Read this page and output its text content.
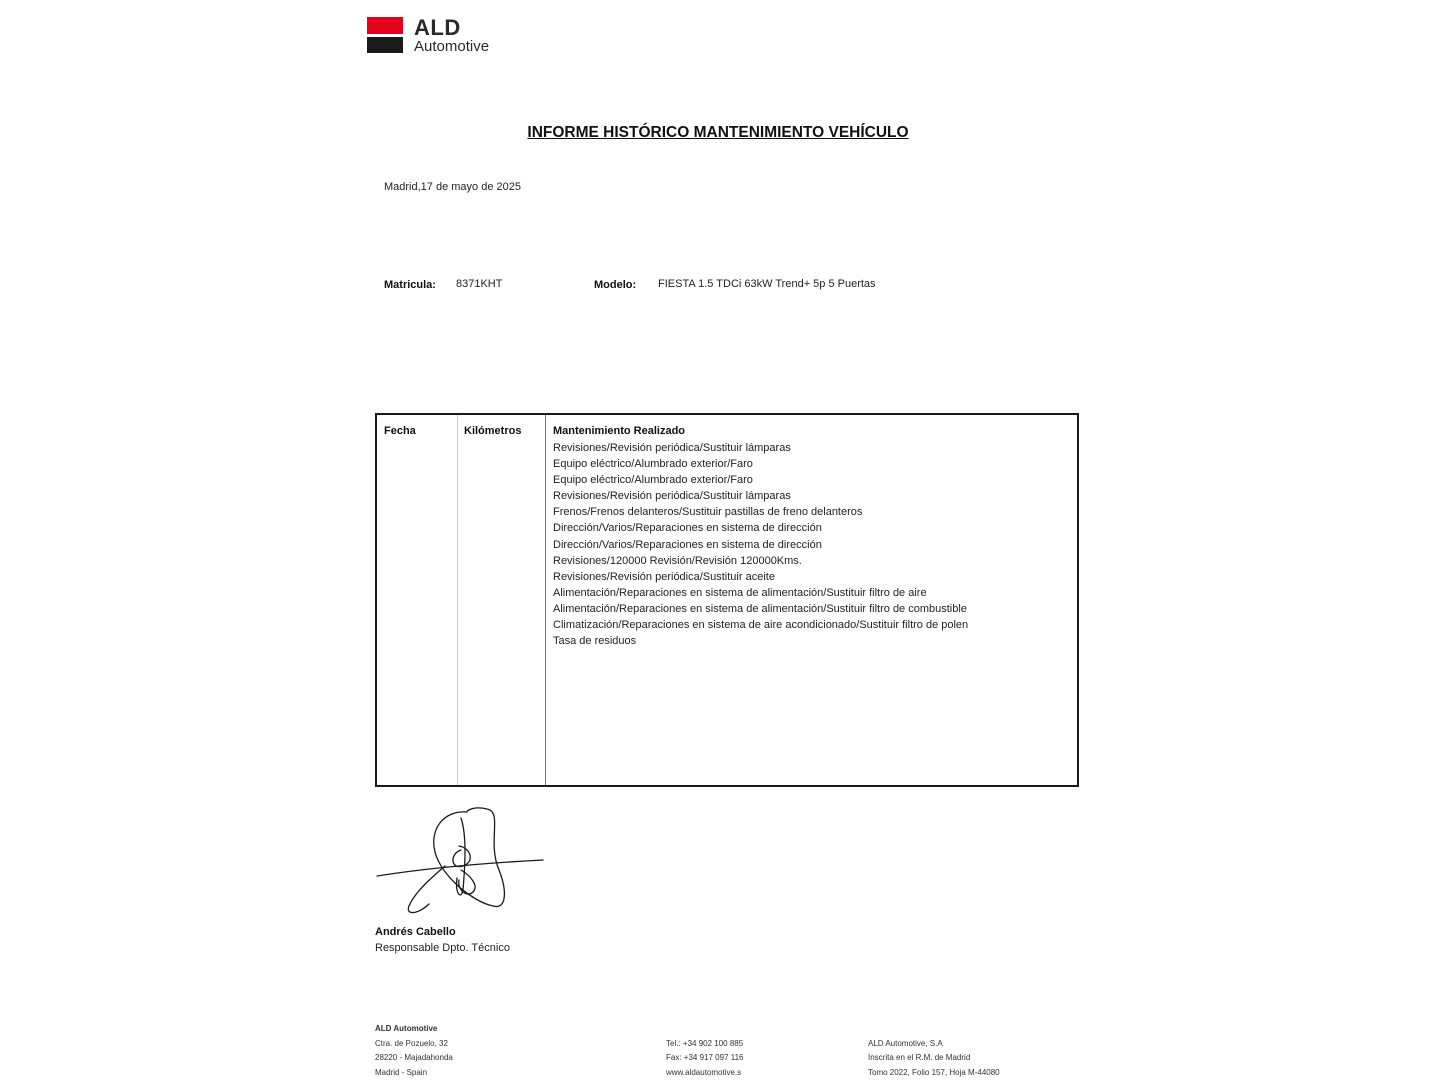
ALD
Automotive
INFORME HISTÓRICO MANTENIMIENTO VEHÍCULO
Madrid,17 de mayo de 2025
Matricula: 8371KHT	Modelo: FIESTA 1.5 TDCi 63kW Trend+ 5p 5 Puertas
Fecha	Kilómetros	Mantenimiento Realizado
Revisiones/Revisión periódica/Sustituir lámparas
Equipo eléctrico/Alumbrado exterior/Faro
Equipo eléctrico/Alumbrado exterior/Faro
Revisiones/Revisión periódica/Sustituir lámparas
Frenos/Frenos delanteros/Sustituir pastillas de freno delanteros
Dirección/Varios/Reparaciones en sistema de dirección
Dirección/Varios/Reparaciones en sistema de dirección
Revisiones/120000 Revisión/Revisión 120000Kms.
Revisiones/Revisión periódica/Sustituir aceite
Alimentación/Reparaciones en sistema de alimentación/Sustituir filtro de aire
Alimentación/Reparaciones en sistema de alimentación/Sustituir filtro de combustible
Climatización/Reparaciones en sistema de aire acondicionado/Sustituir filtro de polen
Tasa de residuos
Andrés Cabello
Responsable Dpto. Técnico
ALD Automotive
Ctra. de Pozuelo, 32
28220 - Majadahonda
Madrid - Spain
Tel.: +34 902 100 885
Fax: +34 917 097 116
www.aldautomotive.s
ALD Automotive, S.A
Inscrita en el R.M. de Madrid
Tomo 2022, Folio 157, Hoja M-44080
